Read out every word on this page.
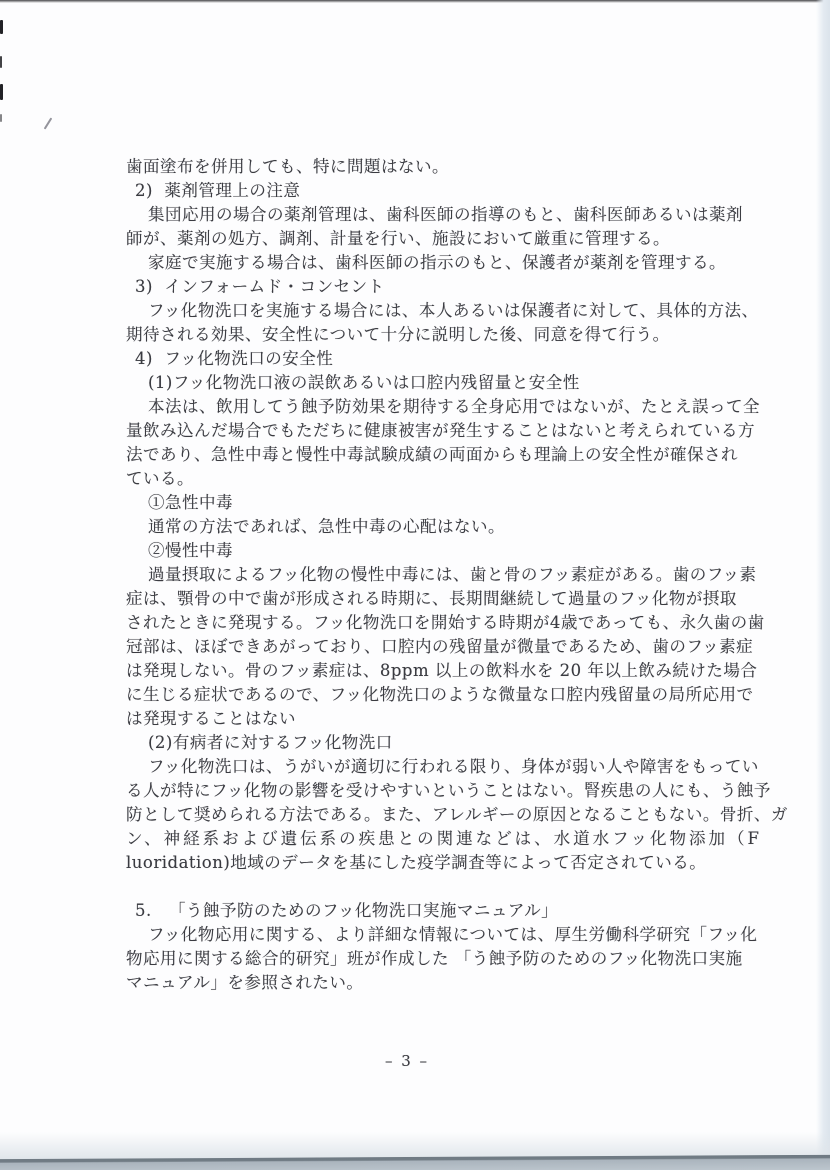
歯面塗布を併用しても、特に問題はない。
2)  薬剤管理上の注意
集団応用の場合の薬剤管理は、歯科医師の指導のもと、歯科医師あるいは薬剤
師が、薬剤の処方、調剤、計量を行い、施設において厳重に管理する。
家庭で実施する場合は、歯科医師の指示のもと、保護者が薬剤を管理する。
3)  インフォームド・コンセント
フッ化物洗口を実施する場合には、本人あるいは保護者に対して、具体的方法、
期待される効果、安全性について十分に説明した後、同意を得て行う。
4)  フッ化物洗口の安全性
(1)フッ化物洗口液の誤飲あるいは口腔内残留量と安全性
本法は、飲用してう蝕予防効果を期待する全身応用ではないが、たとえ誤って全
量飲み込んだ場合でもただちに健康被害が発生することはないと考えられている方
法であり、急性中毒と慢性中毒試験成績の両面からも理論上の安全性が確保され
ている。
①急性中毒
通常の方法であれば、急性中毒の心配はない。
②慢性中毒
過量摂取によるフッ化物の慢性中毒には、歯と骨のフッ素症がある。歯のフッ素
症は、顎骨の中で歯が形成される時期に、長期間継続して過量のフッ化物が摂取
されたときに発現する。フッ化物洗口を開始する時期が4歳であっても、永久歯の歯
冠部は、ほぼできあがっており、口腔内の残留量が微量であるため、歯のフッ素症
は発現しない。骨のフッ素症は、8ppm 以上の飲料水を 20 年以上飲み続けた場合
に生じる症状であるので、フッ化物洗口のような微量な口腔内残留量の局所応用で
は発現することはない
(2)有病者に対するフッ化物洗口
フッ化物洗口は、うがいが適切に行われる限り、身体が弱い人や障害をもってい
る人が特にフッ化物の影響を受けやすいということはない。腎疾患の人にも、う蝕予
防として奨められる方法である。また、アレルギーの原因となることもない。骨折、ガ
ン、神経系および遺伝系の疾患との関連などは、水道水フッ化物添加（F
luoridation)地域のデータを基にした疫学調査等によって否定されている。
5.   「う蝕予防のためのフッ化物洗口実施マニュアル」
フッ化物応用に関する、より詳細な情報については、厚生労働科学研究「フッ化
物応用に関する総合的研究」班が作成した 「う蝕予防のためのフッ化物洗口実施
マニュアル」を参照されたい。
– 3 –
